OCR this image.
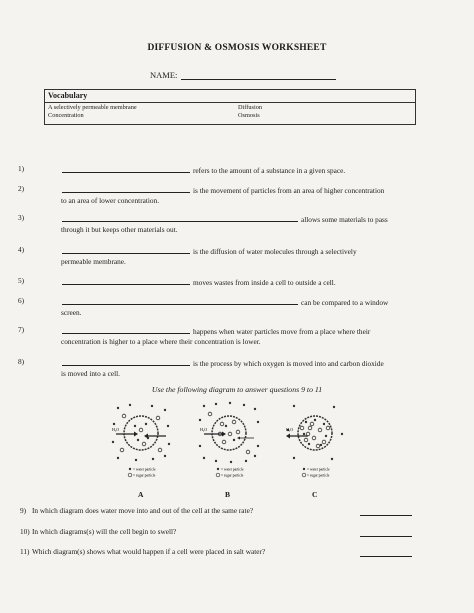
DIFFUSION & OSMOSIS WORKSHEET
NAME:
Vocabulary
A selectively permeable membrane	Diffusion
Concentration	Osmosis
1)	refers to the amount of a substance in a given space.
2)	is the movement of particles from an area of higher concentration
to an area of lower concentration.
3)	allows some materials to pass
through it but keeps other materials out.
4)	is the diffusion of water molecules through a selectively
permeable membrane.
5)	moves wastes from inside a cell to outside a cell.
6)	can be compared to a window
screen.
7)	happens when water particles move from a place where their
concentration is higher to a place where their concentration is lower.
8)	is the process by which oxygen is moved into and carbon dioxide
is moved into a cell.
Use the following diagram to answer questions 9 to 11
H₂O
= water particle
= sugar particle
H₂O
= water particle
= sugar particle
H₂O
= water particle
= sugar particle
A	B	C
9) In which diagram does water move into and out of the cell at the same rate?
10) In which diagrams(s) will the cell begin to swell?
11) Which diagram(s) shows what would happen if a cell were placed in salt water?
